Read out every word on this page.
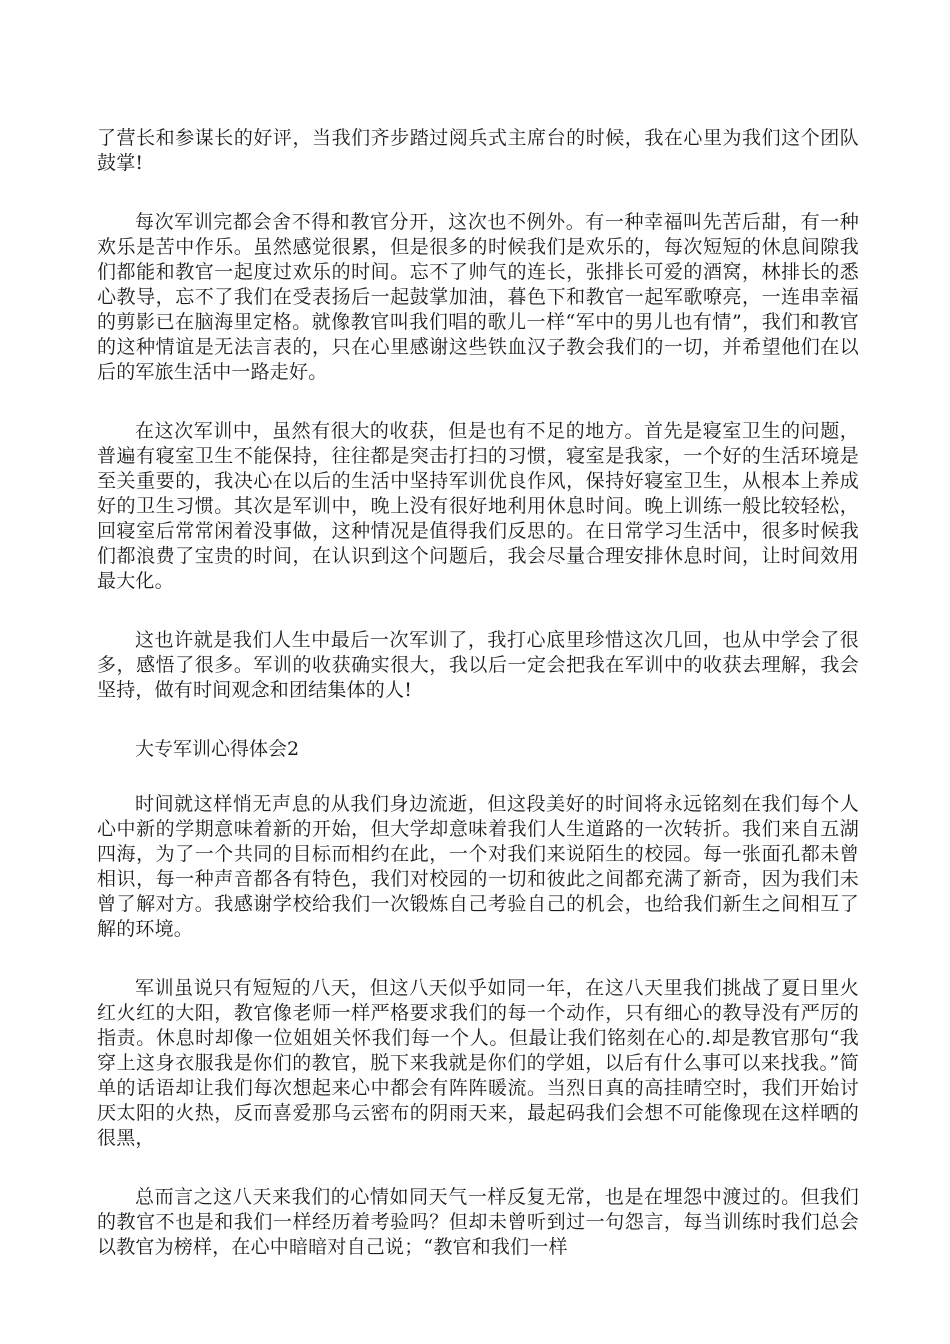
了营长和参谋长的好评，当我们齐步踏过阅兵式主席台的时候，我在心里为我们这个团队鼓掌!

每次军训完都会舍不得和教官分开，这次也不例外。有一种幸福叫先苦后甜，有一种欢乐是苦中作乐。虽然感觉很累，但是很多的时候我们是欢乐的，每次短短的休息间隙我们都能和教官一起度过欢乐的时间。忘不了帅气的连长，张排长可爱的酒窝，林排长的悉心教导，忘不了我们在受表扬后一起鼓掌加油，暮色下和教官一起军歌嘹亮，一连串幸福的剪影已在脑海里定格。就像教官叫我们唱的歌儿一样“军中的男儿也有情”，我们和教官的这种情谊是无法言表的，只在心里感谢这些铁血汉子教会我们的一切，并希望他们在以后的军旅生活中一路走好。

在这次军训中，虽然有很大的收获，但是也有不足的地方。首先是寝室卫生的问题，普遍有寝室卫生不能保持，往往都是突击打扫的习惯，寝室是我家，一个好的生活环境是至关重要的，我决心在以后的生活中坚持军训优良作风，保持好寝室卫生，从根本上养成好的卫生习惯。其次是军训中，晚上没有很好地利用休息时间。晚上训练一般比较轻松，回寝室后常常闲着没事做，这种情况是值得我们反思的。在日常学习生活中，很多时候我们都浪费了宝贵的时间，在认识到这个问题后，我会尽量合理安排休息时间，让时间效用最大化。

这也许就是我们人生中最后一次军训了，我打心底里珍惜这次几回，也从中学会了很多，感悟了很多。军训的收获确实很大，我以后一定会把我在军训中的收获去理解，我会坚持，做有时间观念和团结集体的人!

大专军训心得体会2

时间就这样悄无声息的从我们身边流逝，但这段美好的时间将永远铭刻在我们每个人心中新的学期意味着新的开始，但大学却意味着我们人生道路的一次转折。我们来自五湖四海，为了一个共同的目标而相约在此，一个对我们来说陌生的校园。每一张面孔都未曾相识，每一种声音都各有特色，我们对校园的一切和彼此之间都充满了新奇，因为我们未曾了解对方。我感谢学校给我们一次锻炼自己考验自己的机会，也给我们新生之间相互了解的环境。

军训虽说只有短短的八天，但这八天似乎如同一年，在这八天里我们挑战了夏日里火红火红的大阳，教官像老师一样严格要求我们的每一个动作，只有细心的教导没有严厉的指责。休息时却像一位姐姐关怀我们每一个人。但最让我们铭刻在心的.却是教官那句“我穿上这身衣服我是你们的教官，脱下来我就是你们的学姐，以后有什么事可以来找我。”简单的话语却让我们每次想起来心中都会有阵阵暖流。当烈日真的高挂晴空时，我们开始讨厌太阳的火热，反而喜爱那乌云密布的阴雨天来，最起码我们会想不可能像现在这样晒的很黑，

总而言之这八天来我们的心情如同天气一样反复无常，也是在埋怨中渡过的。但我们的教官不也是和我们一样经历着考验吗？但却未曾听到过一句怨言，每当训练时我们总会以教官为榜样，在心中暗暗对自己说；“教官和我们一样
